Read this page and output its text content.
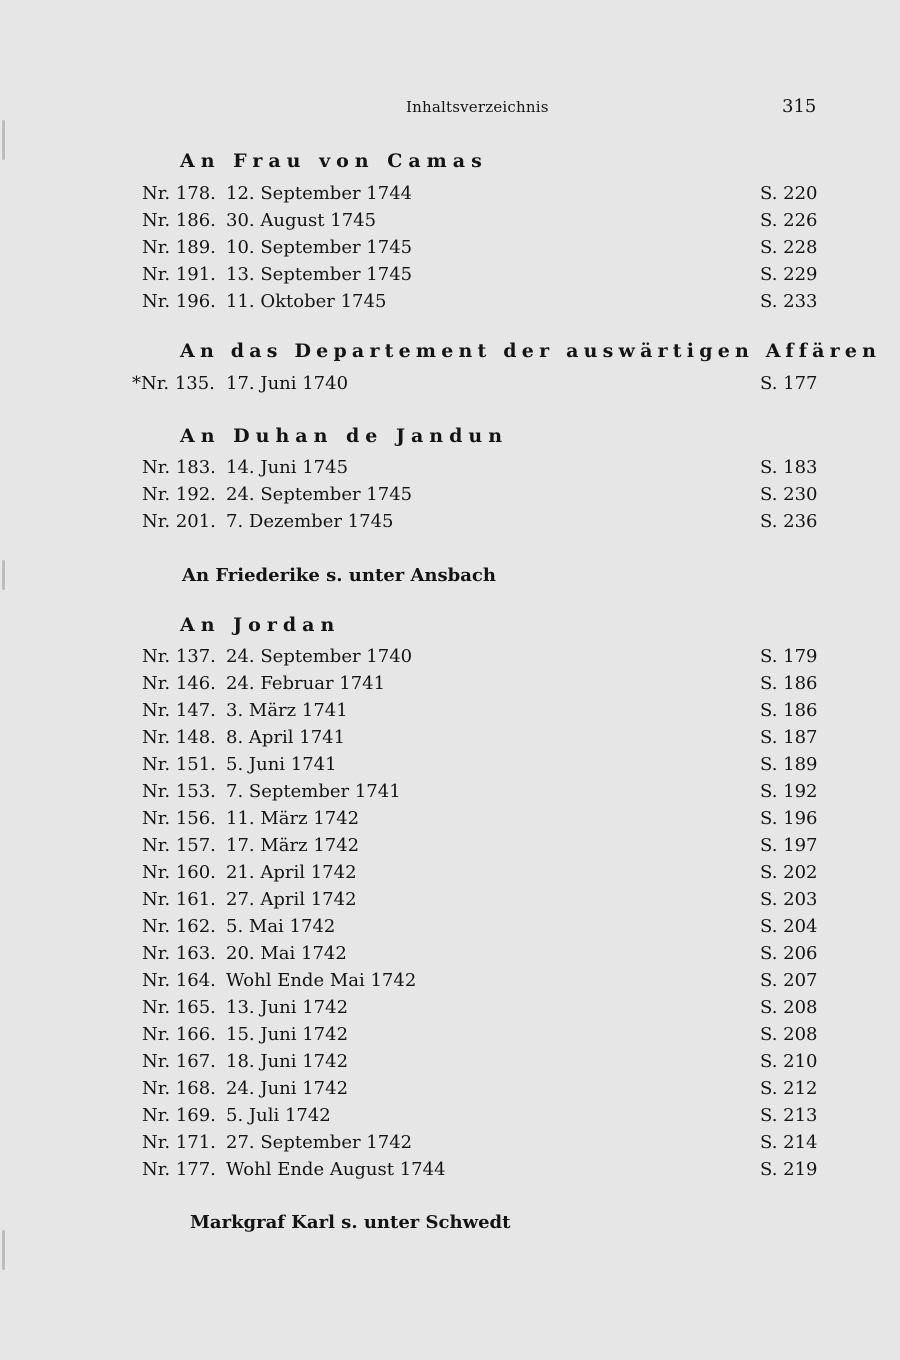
Inhaltsverzeichnis	315
An Frau von Camas
Nr. 178. 12. September 1744	S. 220
Nr. 186. 30. August 1745	S. 226
Nr. 189. 10. September 1745	S. 228
Nr. 191. 13. September 1745	S. 229
Nr. 196. 11. Oktober 1745	S. 233
An das Departement der auswärtigen Affären
*Nr. 135. 17. Juni 1740	S. 177
An Duhan de Jandun
Nr. 183. 14. Juni 1745	S. 183
Nr. 192. 24. September 1745	S. 230
Nr. 201. 7. Dezember 1745	S. 236
An Friederike s. unter Ansbach
An Jordan
Nr. 137. 24. September 1740	S. 179
Nr. 146. 24. Februar 1741	S. 186
Nr. 147. 3. März 1741	S. 186
Nr. 148. 8. April 1741	S. 187
Nr. 151. 5. Juni 1741	S. 189
Nr. 153. 7. September 1741	S. 192
Nr. 156. 11. März 1742	S. 196
Nr. 157. 17. März 1742	S. 197
Nr. 160. 21. April 1742	S. 202
Nr. 161. 27. April 1742	S. 203
Nr. 162. 5. Mai 1742	S. 204
Nr. 163. 20. Mai 1742	S. 206
Nr. 164. Wohl Ende Mai 1742	S. 207
Nr. 165. 13. Juni 1742	S. 208
Nr. 166. 15. Juni 1742	S. 208
Nr. 167. 18. Juni 1742	S. 210
Nr. 168. 24. Juni 1742	S. 212
Nr. 169. 5. Juli 1742	S. 213
Nr. 171. 27. September 1742	S. 214
Nr. 177. Wohl Ende August 1744	S. 219
Markgraf Karl s. unter Schwedt
